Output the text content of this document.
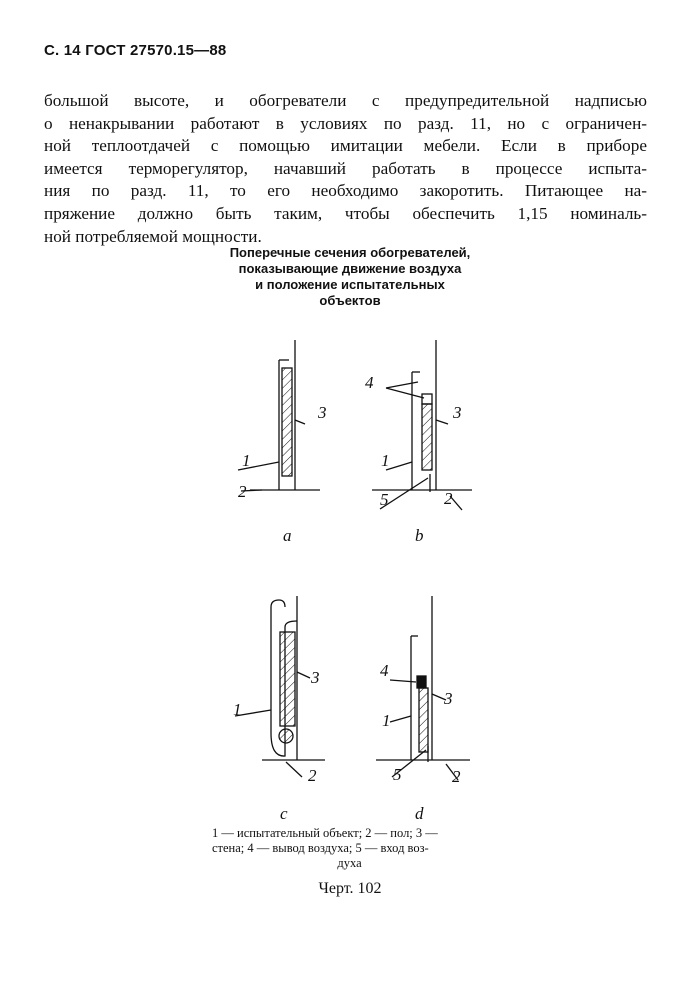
С. 14 ГОСТ 27570.15—88
большой высоте, и обогреватели с предупредительной надписью
о ненакрывании работают в условиях по разд. 11, но с ограничен-
ной теплоотдачей с помощью имитации мебели. Если в приборе
имеется терморегулятор, начавший работать в процессе испыта-
ния по разд. 11, то его необходимо закоротить. Питающее на-
пряжение должно быть таким, чтобы обеспечить 1,15 номиналь-
ной потребляемой мощности.
Поперечные сечения обогревателей,
показывающие движение воздуха
и положение испытательных
объектов
1
2
3
a
4
1
5	2
3
b
1
2
3
c
4
1
5	2
3
d
1 — испытательный объект; 2 — пол; 3 —
стена; 4 — вывод воздуха; 5 — вход воз-
духа
Черт. 102
